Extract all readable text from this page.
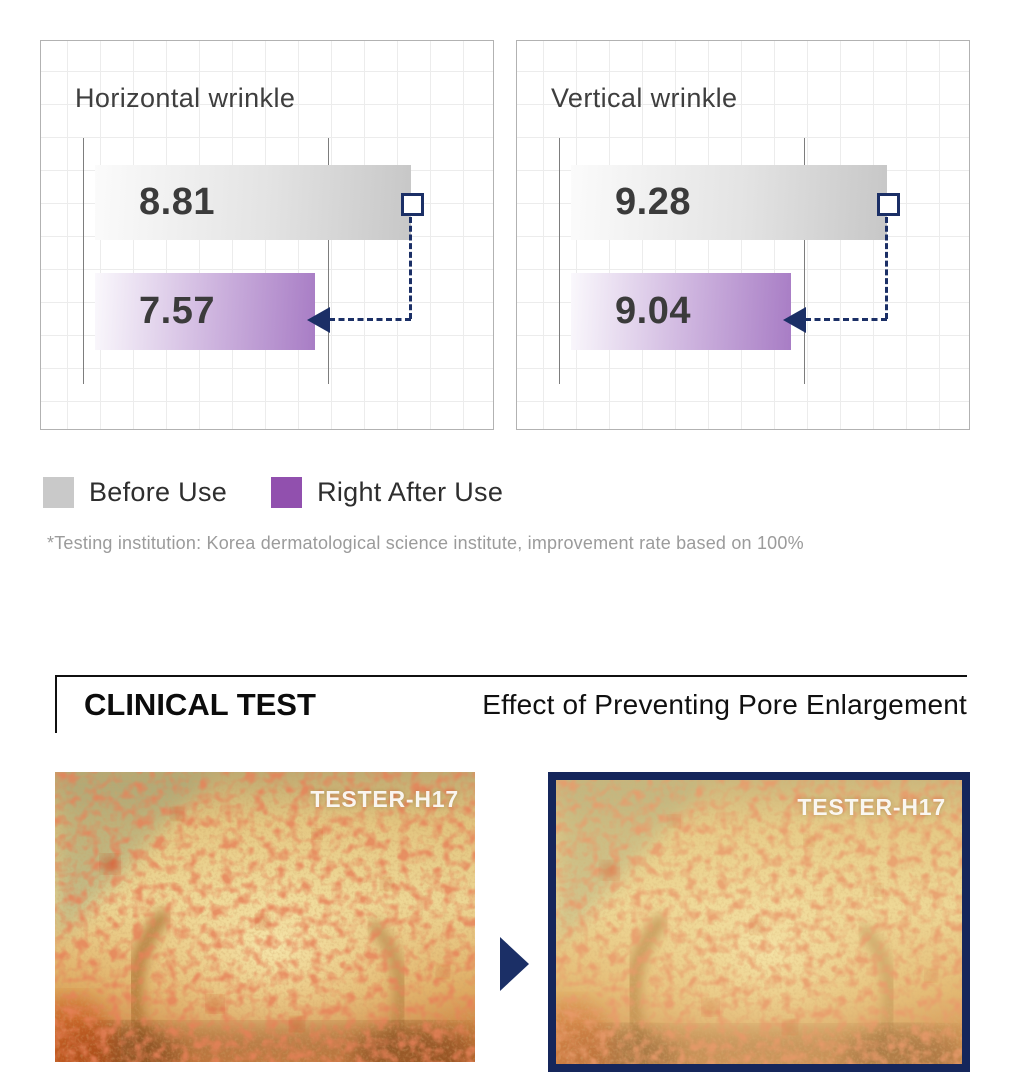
Horizontal wrinkle
8.81
7.57
Vertical wrinkle
9.28
9.04
Before Use	Right After Use
*Testing institution: Korea dermatological science institute, improvement rate based on 100%
CLINICAL TEST	Effect of Preventing Pore Enlargement
TESTER-H17	TESTER-H17
